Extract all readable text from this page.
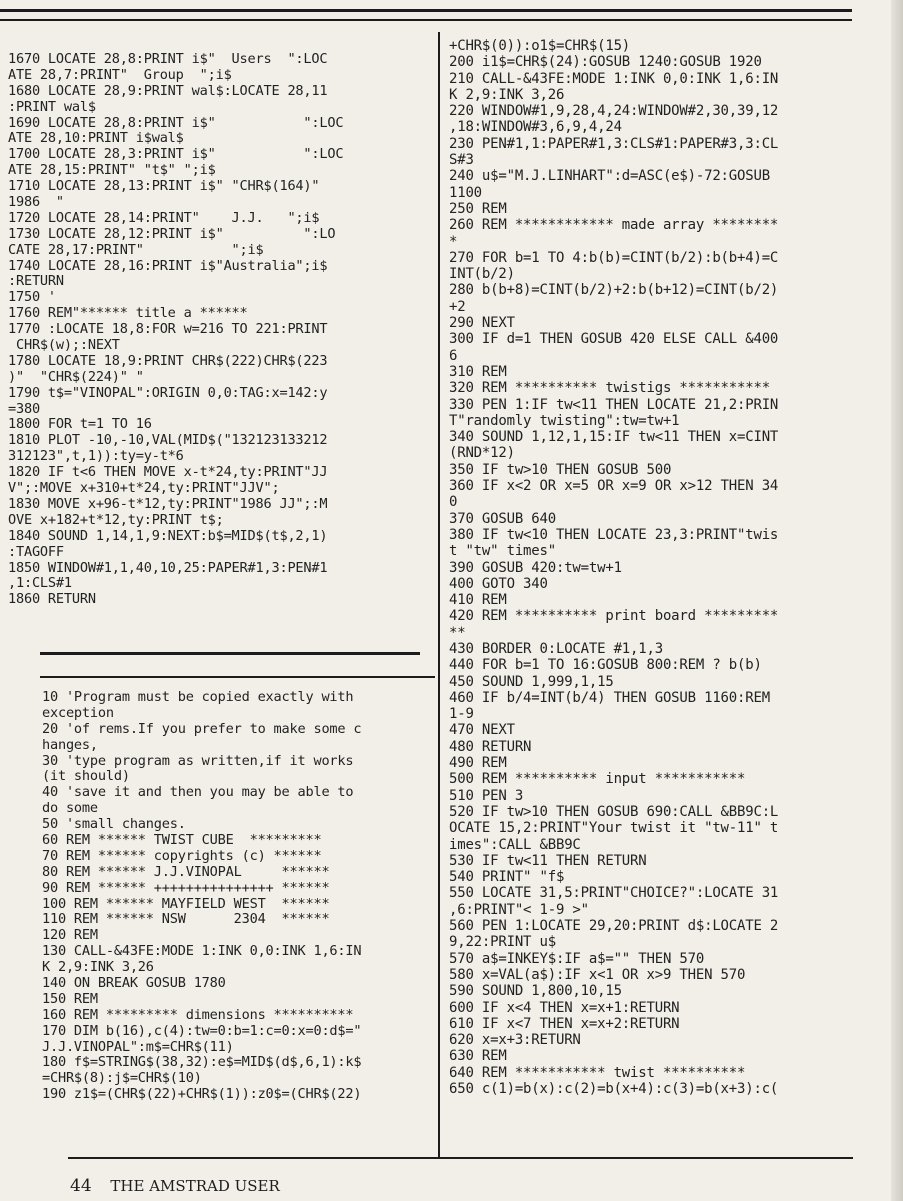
1670 LOCATE 28,8:PRINT i$"  Users  ":LOC
ATE 28,7:PRINT"  Group  ";i$
1680 LOCATE 28,9:PRINT wal$:LOCATE 28,11
:PRINT wal$
1690 LOCATE 28,8:PRINT i$"           ":LOC
ATE 28,10:PRINT i$wal$
1700 LOCATE 28,3:PRINT i$"           ":LOC
ATE 28,15:PRINT" "t$" ";i$
1710 LOCATE 28,13:PRINT i$" "CHR$(164)"
1986  "
1720 LOCATE 28,14:PRINT"    J.J.   ";i$
1730 LOCATE 28,12:PRINT i$"          ":LO
CATE 28,17:PRINT"           ";i$
1740 LOCATE 28,16:PRINT i$"Australia";i$
:RETURN
1750 '
1760 REM"****** title a ******
1770 :LOCATE 18,8:FOR w=216 TO 221:PRINT
CHR$(w);:NEXT
1780 LOCATE 18,9:PRINT CHR$(222)CHR$(223
)"  "CHR$(224)" "
1790 t$="VINOPAL":ORIGIN 0,0:TAG:x=142:y
=380
1800 FOR t=1 TO 16
1810 PLOT -10,-10,VAL(MID$("132123133212
312123",t,1)):ty=y-t*6
1820 IF t<6 THEN MOVE x-t*24,ty:PRINT"JJ
V";:MOVE x+310+t*24,ty:PRINT"JJV";
1830 MOVE x+96-t*12,ty:PRINT"1986 JJ";:M
OVE x+182+t*12,ty:PRINT t$;
1840 SOUND 1,14,1,9:NEXT:b$=MID$(t$,2,1)
:TAGOFF
1850 WINDOW#1,1,40,10,25:PAPER#1,3:PEN#1
,1:CLS#1
1860 RETURN
10 'Program must be copied exactly with
exception
20 'of rems.If you prefer to make some c
hanges,
30 'type program as written,if it works
(it should)
40 'save it and then you may be able to
do some
50 'small changes.
60 REM ****** TWIST CUBE  *********
70 REM ****** copyrights (c) ******
80 REM ****** J.J.VINOPAL     ******
90 REM ****** +++++++++++++++ ******
100 REM ****** MAYFIELD WEST  ******
110 REM ****** NSW      2304  ******
120 REM
130 CALL-&43FE:MODE 1:INK 0,0:INK 1,6:IN
K 2,9:INK 3,26
140 ON BREAK GOSUB 1780
150 REM
160 REM ********* dimensions **********
170 DIM b(16),c(4):tw=0:b=1:c=0:x=0:d$="
J.J.VINOPAL":m$=CHR$(11)
180 f$=STRING$(38,32):e$=MID$(d$,6,1):k$
=CHR$(8):j$=CHR$(10)
190 z1$=(CHR$(22)+CHR$(1)):z0$=(CHR$(22)
+CHR$(0)):o1$=CHR$(15)
200 i1$=CHR$(24):GOSUB 1240:GOSUB 1920
210 CALL-&43FE:MODE 1:INK 0,0:INK 1,6:IN
K 2,9:INK 3,26
220 WINDOW#1,9,28,4,24:WINDOW#2,30,39,12
,18:WINDOW#3,6,9,4,24
230 PEN#1,1:PAPER#1,3:CLS#1:PAPER#3,3:CL
S#3
240 u$="M.J.LINHART":d=ASC(e$)-72:GOSUB
1100
250 REM
260 REM ************ made array ********
*
270 FOR b=1 TO 4:b(b)=CINT(b/2):b(b+4)=C
INT(b/2)
280 b(b+8)=CINT(b/2)+2:b(b+12)=CINT(b/2)
+2
290 NEXT
300 IF d=1 THEN GOSUB 420 ELSE CALL &400
6
310 REM
320 REM ********** twistigs ***********
330 PEN 1:IF tw<11 THEN LOCATE 21,2:PRIN
T"randomly twisting":tw=tw+1
340 SOUND 1,12,1,15:IF tw<11 THEN x=CINT
(RND*12)
350 IF tw>10 THEN GOSUB 500
360 IF x<2 OR x=5 OR x=9 OR x>12 THEN 34
0
370 GOSUB 640
380 IF tw<10 THEN LOCATE 23,3:PRINT"twis
t "tw" times"
390 GOSUB 420:tw=tw+1
400 GOTO 340
410 REM
420 REM ********** print board *********
**
430 BORDER 0:LOCATE #1,1,3
440 FOR b=1 TO 16:GOSUB 800:REM ? b(b)
450 SOUND 1,999,1,15
460 IF b/4=INT(b/4) THEN GOSUB 1160:REM
1-9
470 NEXT
480 RETURN
490 REM
500 REM ********** input ***********
510 PEN 3
520 IF tw>10 THEN GOSUB 690:CALL &BB9C:L
OCATE 15,2:PRINT"Your twist it "tw-11" t
imes":CALL &BB9C
530 IF tw<11 THEN RETURN
540 PRINT" "f$
550 LOCATE 31,5:PRINT"CHOICE?":LOCATE 31
,6:PRINT"< 1-9 >"
560 PEN 1:LOCATE 29,20:PRINT d$:LOCATE 2
9,22:PRINT u$
570 a$=INKEY$:IF a$="" THEN 570
580 x=VAL(a$):IF x<1 OR x>9 THEN 570
590 SOUND 1,800,10,15
600 IF x<4 THEN x=x+1:RETURN
610 IF x<7 THEN x=x+2:RETURN
620 x=x+3:RETURN
630 REM
640 REM *********** twist **********
650 c(1)=b(x):c(2)=b(x+4):c(3)=b(x+3):c(
44 THE AMSTRAD USER
